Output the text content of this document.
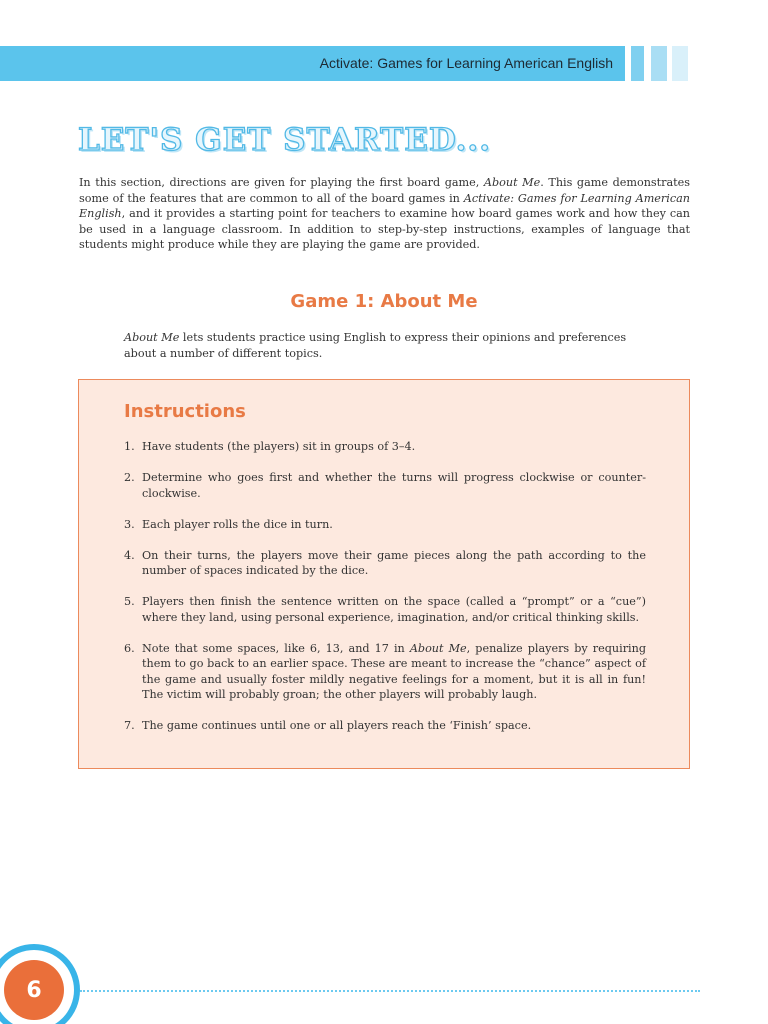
Activate: Games for Learning American English
LET'S GET STARTED...

In this section, directions are given for playing the first board game, About Me. This game demonstrates some of the features that are common to all of the board games in Activate: Games for Learning American English, and it provides a starting point for teachers to examine how board games work and how they can be used in a language classroom. In addition to step-by-step instructions, examples of language that students might produce while they are playing the game are provided.

Game 1: About Me

About Me lets students practice using English to express their opinions and preferences about a number of different topics.

Instructions
1. Have students (the players) sit in groups of 3–4.
2. Determine who goes first and whether the turns will progress clockwise or counter-clockwise.
3. Each player rolls the dice in turn.
4. On their turns, the players move their game pieces along the path according to the number of spaces indicated by the dice.
5. Players then finish the sentence written on the space (called a “prompt” or a “cue”) where they land, using personal experience, imagination, and/or critical thinking skills.
6. Note that some spaces, like 6, 13, and 17 in About Me, penalize players by requiring them to go back to an earlier space. These are meant to increase the “chance” aspect of the game and usually foster mildly negative feelings for a moment, but it is all in fun! The victim will probably groan; the other players will probably laugh.
7. The game continues until one or all players reach the ‘Finish’ space.
6
